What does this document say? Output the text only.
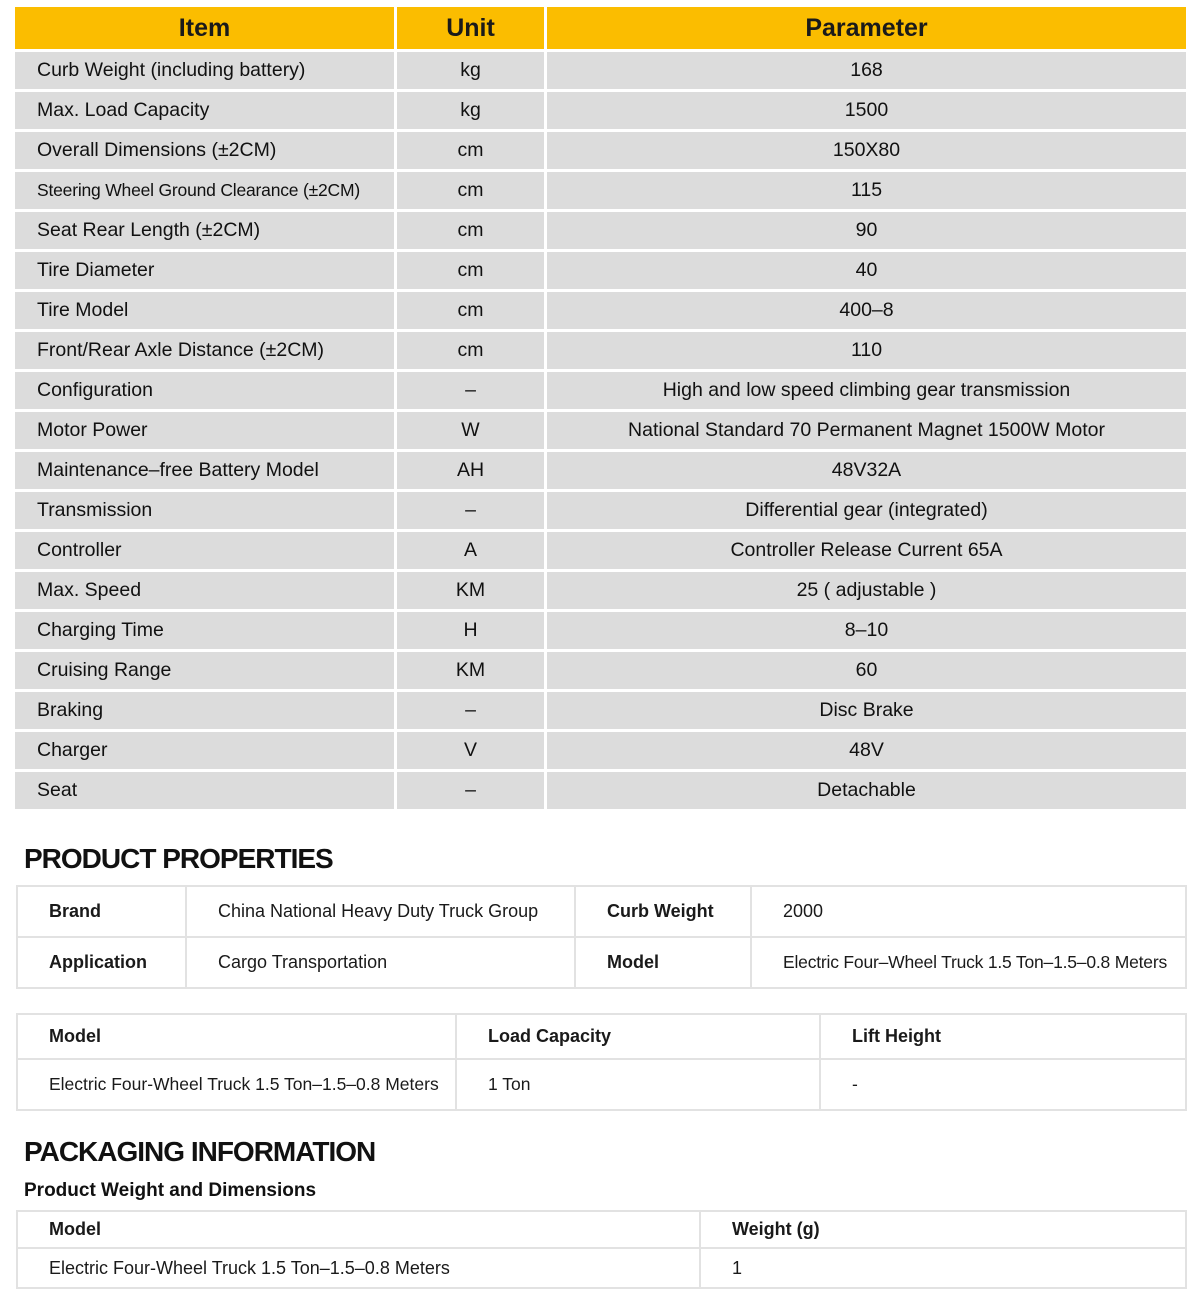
Item	Unit	Parameter
Curb Weight (including battery)	kg	168
Max. Load Capacity	kg	1500
Overall Dimensions (±2CM)	cm	150X80
Steering Wheel Ground Clearance (±2CM)	cm	115
Seat Rear Length (±2CM)	cm	90
Tire Diameter	cm	40
Tire Model	cm	400–8
Front/Rear Axle Distance (±2CM)	cm	110
Configuration	–	High and low speed climbing gear transmission
Motor Power	W	National Standard 70 Permanent Magnet 1500W Motor
Maintenance–free Battery Model	AH	48V32A
Transmission	–	Differential gear (integrated)
Controller	A	Controller Release Current 65A
Max. Speed	KM	25 ( adjustable )
Charging Time	H	8–10
Cruising Range	KM	60
Braking	–	Disc Brake
Charger	V	48V
Seat	–	Detachable
PRODUCT PROPERTIES
Brand	China National Heavy Duty Truck Group	Curb Weight	2000
Application	Cargo Transportation	Model	Electric Four–Wheel Truck 1.5 Ton–1.5–0.8 Meters
Model	Load Capacity	Lift Height
Electric Four-Wheel Truck 1.5 Ton–1.5–0.8 Meters	1 Ton	-
PACKAGING INFORMATION
Product Weight and Dimensions
Model	Weight (g)
Electric Four-Wheel Truck 1.5 Ton–1.5–0.8 Meters	1
